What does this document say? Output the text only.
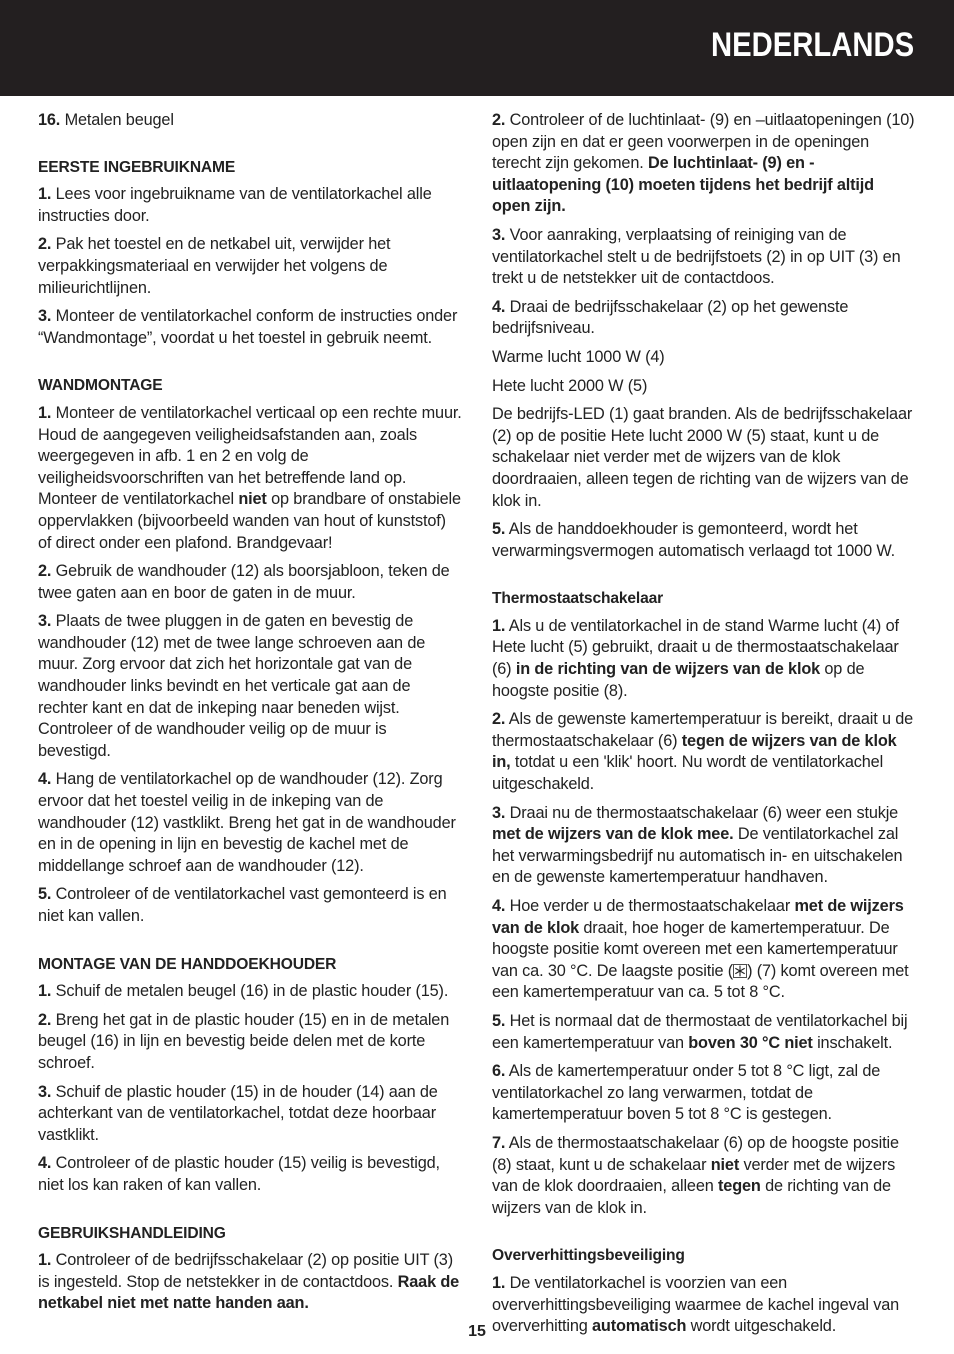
NEDERLANDS

16. Metalen beugel

EERSTE INGEBRUIKNAME

1. Lees voor ingebruikname van de ventilatorkachel alle instructies door.

2. Pak het toestel en de netkabel uit, verwijder het verpakkingsmateriaal en verwijder het volgens de milieurichtlijnen.

3. Monteer de ventilatorkachel conform de instructies onder “Wandmontage”, voordat u het toestel in gebruik neemt.

WANDMONTAGE

1. Monteer de ventilatorkachel verticaal op een rechte muur. Houd de aangegeven veiligheidsafstanden aan, zoals weergegeven in afb. 1 en 2 en volg de veiligheidsvoorschriften van het betreffende land op. Monteer de ventilatorkachel niet op brandbare of onstabiele oppervlakken (bijvoorbeeld wanden van hout of kunststof) of direct onder een plafond. Brandgevaar!

2. Gebruik de wandhouder (12) als boorsjabloon, teken de twee gaten aan en boor de gaten in de muur.

3. Plaats de twee pluggen in de gaten en bevestig de wandhouder (12) met de twee lange schroeven aan de muur. Zorg ervoor dat zich het horizontale gat van de wandhouder links bevindt en het verticale gat aan de rechter kant en dat de inkeping naar beneden wijst. Controleer of de wandhouder veilig op de muur is bevestigd.

4. Hang de ventilatorkachel op de wandhouder (12). Zorg ervoor dat het toestel veilig in de inkeping van de wandhouder (12) vastklikt. Breng het gat in de wandhouder en in de opening in lijn en bevestig de kachel met de middellange schroef aan de wandhouder (12).

5. Controleer of de ventilatorkachel vast gemonteerd is en niet kan vallen.

MONTAGE VAN DE HANDDOEKHOUDER

1. Schuif de metalen beugel (16) in de plastic houder (15).

2. Breng het gat in de plastic houder (15) en in de metalen beugel (16) in lijn en bevestig beide delen met de korte schroef.

3. Schuif de plastic houder (15) in de houder (14) aan de achterkant van de ventilatorkachel, totdat deze hoorbaar vastklikt.

4. Controleer of de plastic houder (15) veilig is bevestigd, niet los kan raken of kan vallen.

GEBRUIKSHANDLEIDING

1. Controleer of de bedrijfsschakelaar (2) op positie UIT (3) is ingesteld. Stop de netstekker in de contactdoos. Raak de netkabel niet met natte handen aan.

2. Controleer of de luchtinlaat- (9) en –uitlaatopeningen (10) open zijn en dat er geen voorwerpen in de openingen terecht zijn gekomen. De luchtinlaat- (9) en -uitlaatopening (10) moeten tijdens het bedrijf altijd open zijn.

3. Voor aanraking, verplaatsing of reiniging van de ventilatorkachel stelt u de bedrijfstoets (2) in op UIT (3) en trekt u de netstekker uit de contactdoos.

4. Draai de bedrijfsschakelaar (2) op het gewenste bedrijfsniveau.

Warme lucht 1000 W (4)

Hete lucht 2000 W (5)

De bedrijfs-LED (1) gaat branden. Als de bedrijfsschakelaar (2) op de positie Hete lucht 2000 W (5) staat, kunt u de schakelaar niet verder met de wijzers van de klok doordraaien, alleen tegen de richting van de wijzers van de klok in.

5. Als de handdoekhouder is gemonteerd, wordt het verwarmingsvermogen automatisch verlaagd tot 1000 W.

Thermostaatschakelaar

1. Als u de ventilatorkachel in de stand Warme lucht (4) of Hete lucht (5) gebruikt, draait u de thermostaatschakelaar (6) in de richting van de wijzers van de klok op de hoogste positie (8).

2. Als de gewenste kamertemperatuur is bereikt, draait u de thermostaatschakelaar (6) tegen de wijzers van de klok in, totdat u een 'klik' hoort. Nu wordt de ventilatorkachel uitgeschakeld.

3. Draai nu de thermostaatschakelaar (6) weer een stukje met de wijzers van de klok mee. De ventilatorkachel zal het verwarmingsbedrijf nu automatisch in- en uitschakelen en de gewenste kamertemperatuur handhaven.

4. Hoe verder u de thermostaatschakelaar met de wijzers van de klok draait, hoe hoger de kamertemperatuur. De hoogste positie komt overeen met een kamertemperatuur van ca. 30 °C. De laagste positie ( ) (7) komt overeen met een kamertemperatuur van ca. 5 tot 8 °C.

5. Het is normaal dat de thermostaat de ventilatorkachel bij een kamertemperatuur van boven 30 °C niet inschakelt.

6. Als de kamertemperatuur onder 5 tot 8 °C ligt, zal de ventilatorkachel zo lang verwarmen, totdat de kamertemperatuur boven 5 tot 8 °C is gestegen.

7. Als de thermostaatschakelaar (6) op de hoogste positie (8) staat, kunt u de schakelaar niet verder met de wijzers van de klok doordraaien, alleen tegen de richting van de wijzers van de klok in.

Oververhittingsbeveiliging

1. De ventilatorkachel is voorzien van een oververhittingsbeveiliging waarmee de kachel ingeval van oververhitting automatisch wordt uitgeschakeld.

15
